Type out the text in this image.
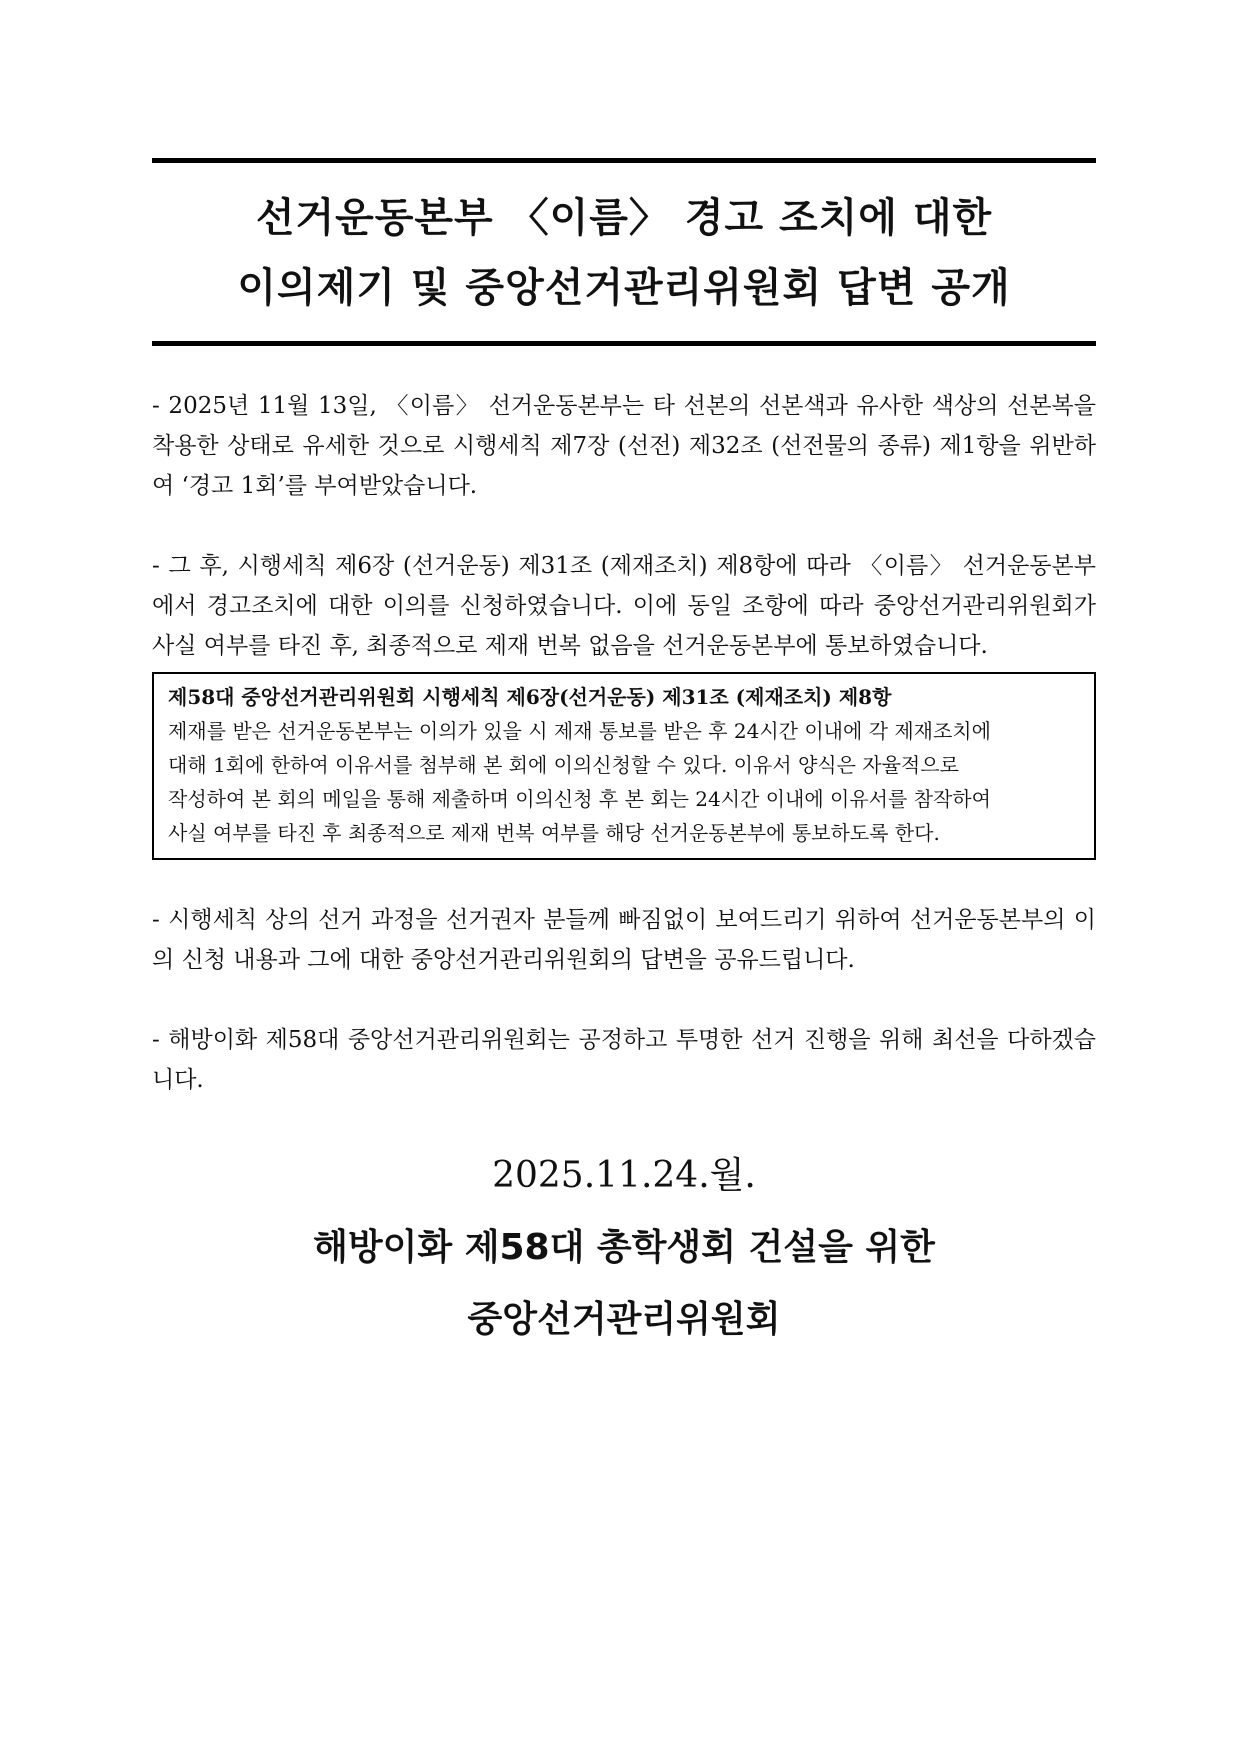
선거운동본부 〈이름〉 경고 조치에 대한
이의제기 및 중앙선거관리위원회 답변 공개

- 2025년 11월 13일, 〈이름〉 선거운동본부는 타 선본의 선본색과 유사한 색상의 선본복을 착용한 상태로 유세한 것으로 시행세칙 제7장 (선전) 제32조 (선전물의 종류) 제1항을 위반하여 ‘경고 1회’를 부여받았습니다.

- 그 후, 시행세칙 제6장 (선거운동) 제31조 (제재조치) 제8항에 따라 〈이름〉 선거운동본부에서 경고조치에 대한 이의를 신청하였습니다. 이에 동일 조항에 따라 중앙선거관리위원회가 사실 여부를 타진 후, 최종적으로 제재 번복 없음을 선거운동본부에 통보하였습니다.

제58대 중앙선거관리위원회 시행세칙 제6장(선거운동) 제31조 (제재조치) 제8항
제재를 받은 선거운동본부는 이의가 있을 시 제재 통보를 받은 후 24시간 이내에 각 제재조치에
대해 1회에 한하여 이유서를 첨부해 본 회에 이의신청할 수 있다. 이유서 양식은 자율적으로
작성하여 본 회의 메일을 통해 제출하며 이의신청 후 본 회는 24시간 이내에 이유서를 참작하여
사실 여부를 타진 후 최종적으로 제재 번복 여부를 해당 선거운동본부에 통보하도록 한다.

- 시행세칙 상의 선거 과정을 선거권자 분들께 빠짐없이 보여드리기 위하여 선거운동본부의 이의 신청 내용과 그에 대한 중앙선거관리위원회의 답변을 공유드립니다.

- 해방이화 제58대 중앙선거관리위원회는 공정하고 투명한 선거 진행을 위해 최선을 다하겠습니다.

2025.11.24.월.
해방이화 제58대 총학생회 건설을 위한
중앙선거관리위원회
